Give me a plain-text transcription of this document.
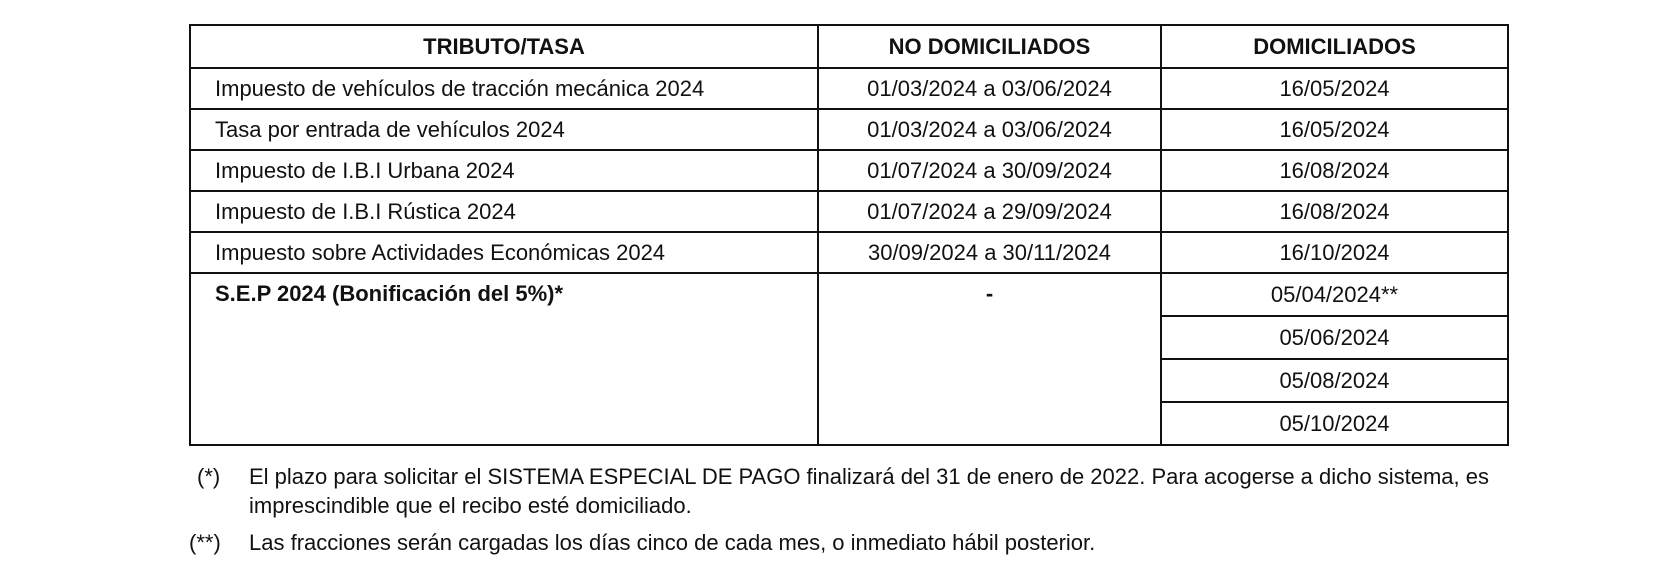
TRIBUTO/TASA	NO DOMICILIADOS	DOMICILIADOS
Impuesto de vehículos de tracción mecánica 2024	01/03/2024 a 03/06/2024	16/05/2024
Tasa por entrada de vehículos 2024	01/03/2024 a 03/06/2024	16/05/2024
Impuesto de I.B.I Urbana 2024	01/07/2024 a 30/09/2024	16/08/2024
Impuesto de I.B.I Rústica 2024	01/07/2024 a 29/09/2024	16/08/2024
Impuesto sobre Actividades Económicas 2024	30/09/2024 a 30/11/2024	16/10/2024
S.E.P 2024 (Bonificación del 5%)*	-	05/04/2024**
		05/06/2024
		05/08/2024
		05/10/2024
(*)	El plazo para solicitar el SISTEMA ESPECIAL DE PAGO finalizará del 31 de enero de 2022. Para acogerse a dicho sistema, es imprescindible que el recibo esté domiciliado.
(**)	Las fracciones serán cargadas los días cinco de cada mes, o inmediato hábil posterior.
